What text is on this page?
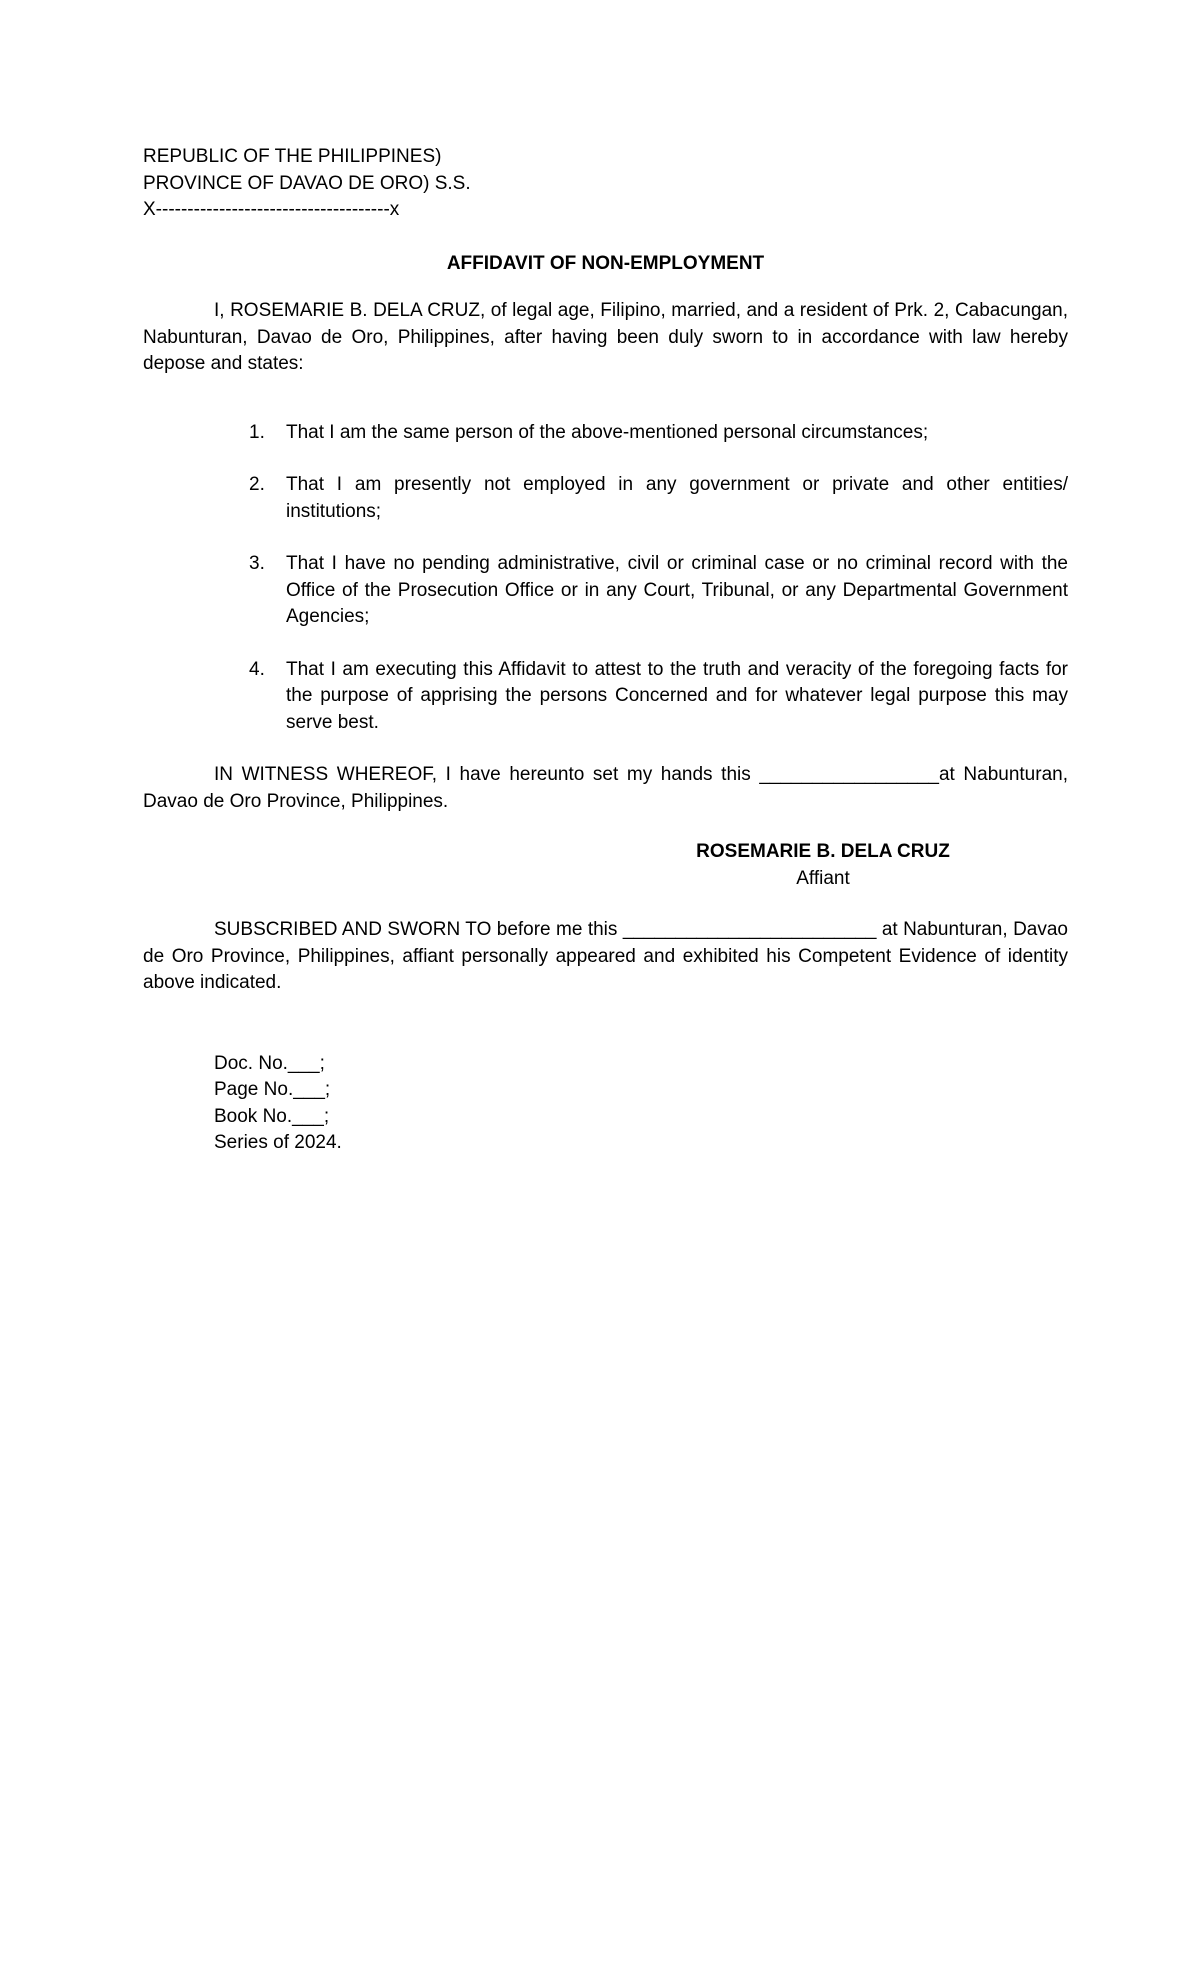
REPUBLIC OF THE PHILIPPINES)
PROVINCE OF DAVAO DE ORO) S.S.
X-------------------------------------x
AFFIDAVIT OF NON-EMPLOYMENT

I, ROSEMARIE B. DELA CRUZ, of legal age, Filipino, married, and a resident of Prk. 2, Cabacungan, Nabunturan, Davao de Oro, Philippines, after having been duly sworn to in accordance with law hereby depose and states:

1. That I am the same person of the above-mentioned personal circumstances;
2. That I am presently not employed in any government or private and other entities/ institutions;
3. That I have no pending administrative, civil or criminal case or no criminal record with the Office of the Prosecution Office or in any Court, Tribunal, or any Departmental Government Agencies;
4. That I am executing this Affidavit to attest to the truth and veracity of the foregoing facts for the purpose of apprising the persons Concerned and for whatever legal purpose this may serve best.

IN WITNESS WHEREOF, I have hereunto set my hands this _________________at Nabunturan, Davao de Oro Province, Philippines.

ROSEMARIE B. DELA CRUZ
Affiant

SUBSCRIBED AND SWORN TO before me this ________________________ at Nabunturan, Davao de Oro Province, Philippines, affiant personally appeared and exhibited his Competent Evidence of identity above indicated.

Doc. No.___;
Page No.___;
Book No.___;
Series of 2024.
